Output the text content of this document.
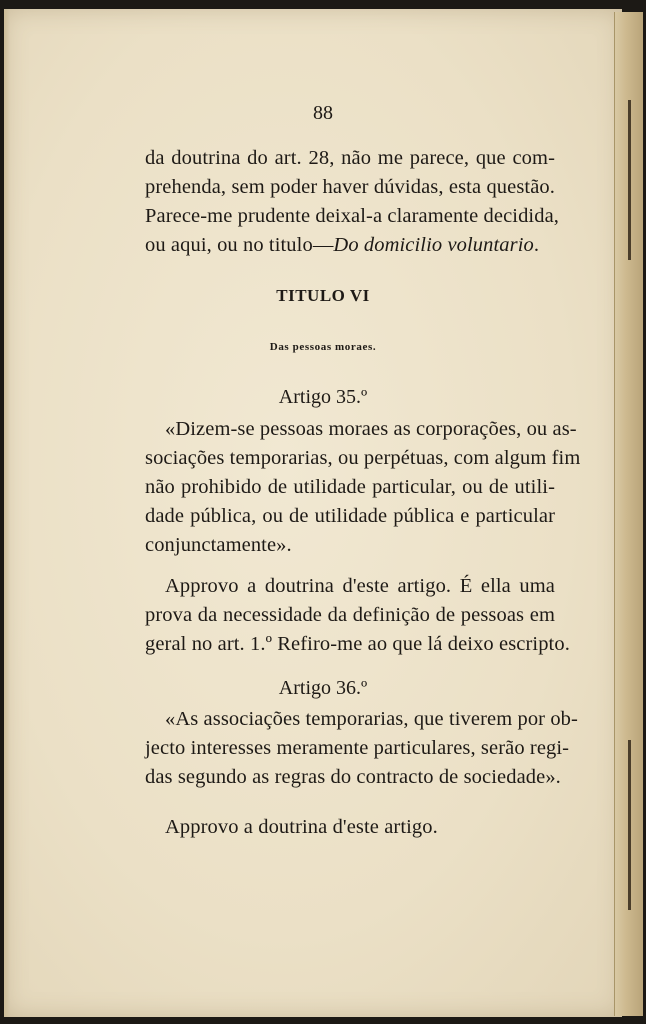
88
da doutrina do art. 28, não me parece, que com-
prehenda, sem poder haver dúvidas, esta questão.
Parece-me prudente deixal-a claramente decidida,
ou aqui, ou no titulo—Do domicilio voluntario.
TITULO VI
Das pessoas moraes.
Artigo 35.º
«Dizem-se pessoas moraes as corporações, ou as-
sociações temporarias, ou perpétuas, com algum fim
não prohibido de utilidade particular, ou de utili-
dade pública, ou de utilidade pública e particular
conjunctamente».
Approvo a doutrina d'este artigo. É ella uma
prova da necessidade da definição de pessoas em
geral no art. 1.º Refiro-me ao que lá deixo escripto.
Artigo 36.º
«As associações temporarias, que tiverem por ob-
jecto interesses meramente particulares, serão regi-
das segundo as regras do contracto de sociedade».
Approvo a doutrina d'este artigo.
